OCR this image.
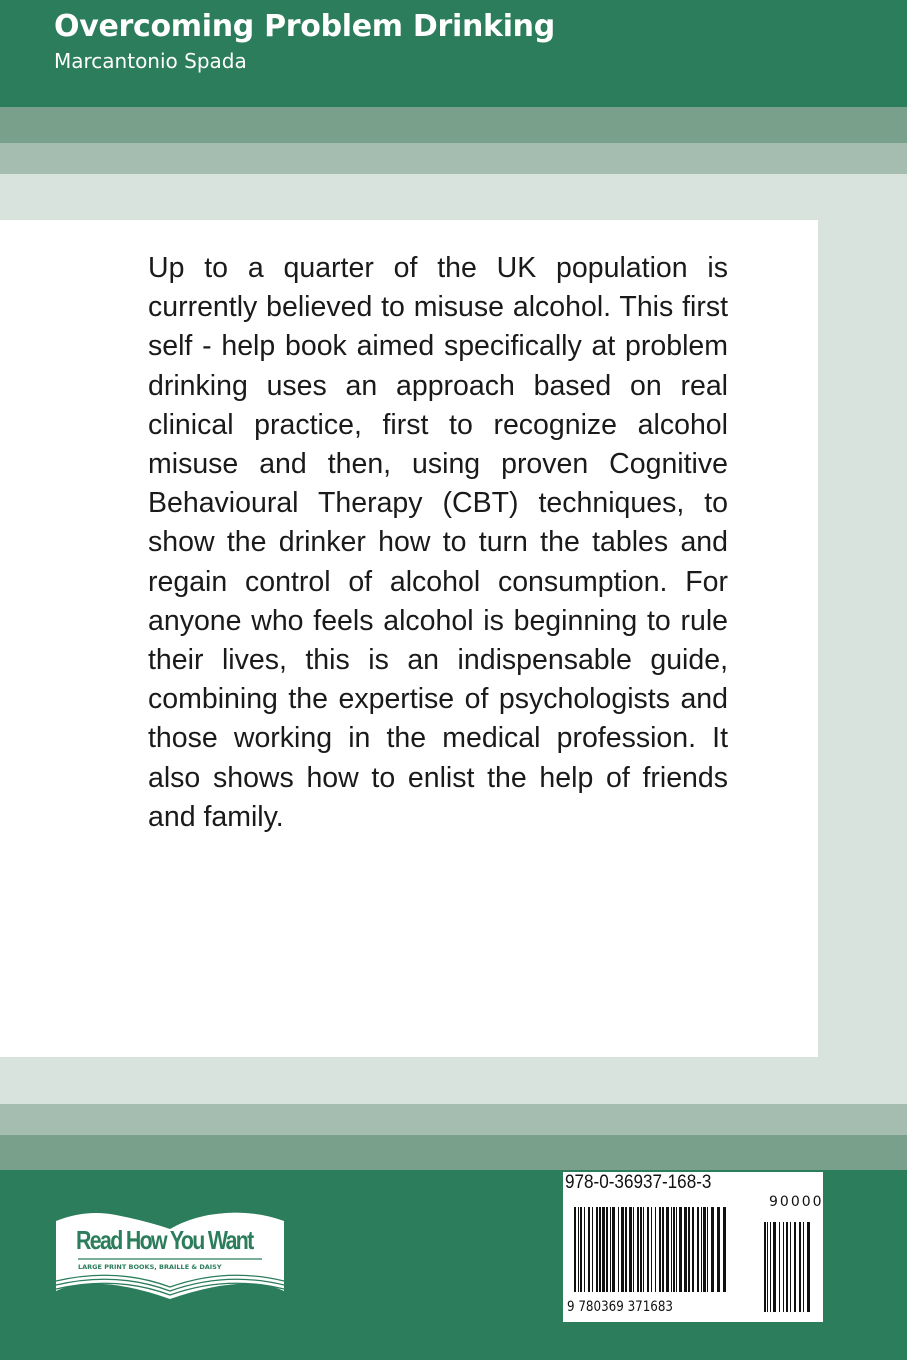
Overcoming Problem Drinking
Marcantonio Spada
Up to a quarter of the UK population is currently believed to misuse alcohol. This first self - help book aimed specifically at problem drinking uses an approach based on real clinical practice, first to recognize alcohol misuse and then, using proven Cognitive Behavioural Therapy (CBT) techniques, to show the drinker how to turn the tables and regain control of alcohol consumption. For anyone who feels alcohol is beginning to rule their lives, this is an indispensable guide, combining the expertise of psychologists and those working in the medical profession. It also shows how to enlist the help of friends and family.
Read How You Want
LARGE PRINT BOOKS, BRAILLE & DAISY
978-0-36937-168-3
90000
9 780369 371683
